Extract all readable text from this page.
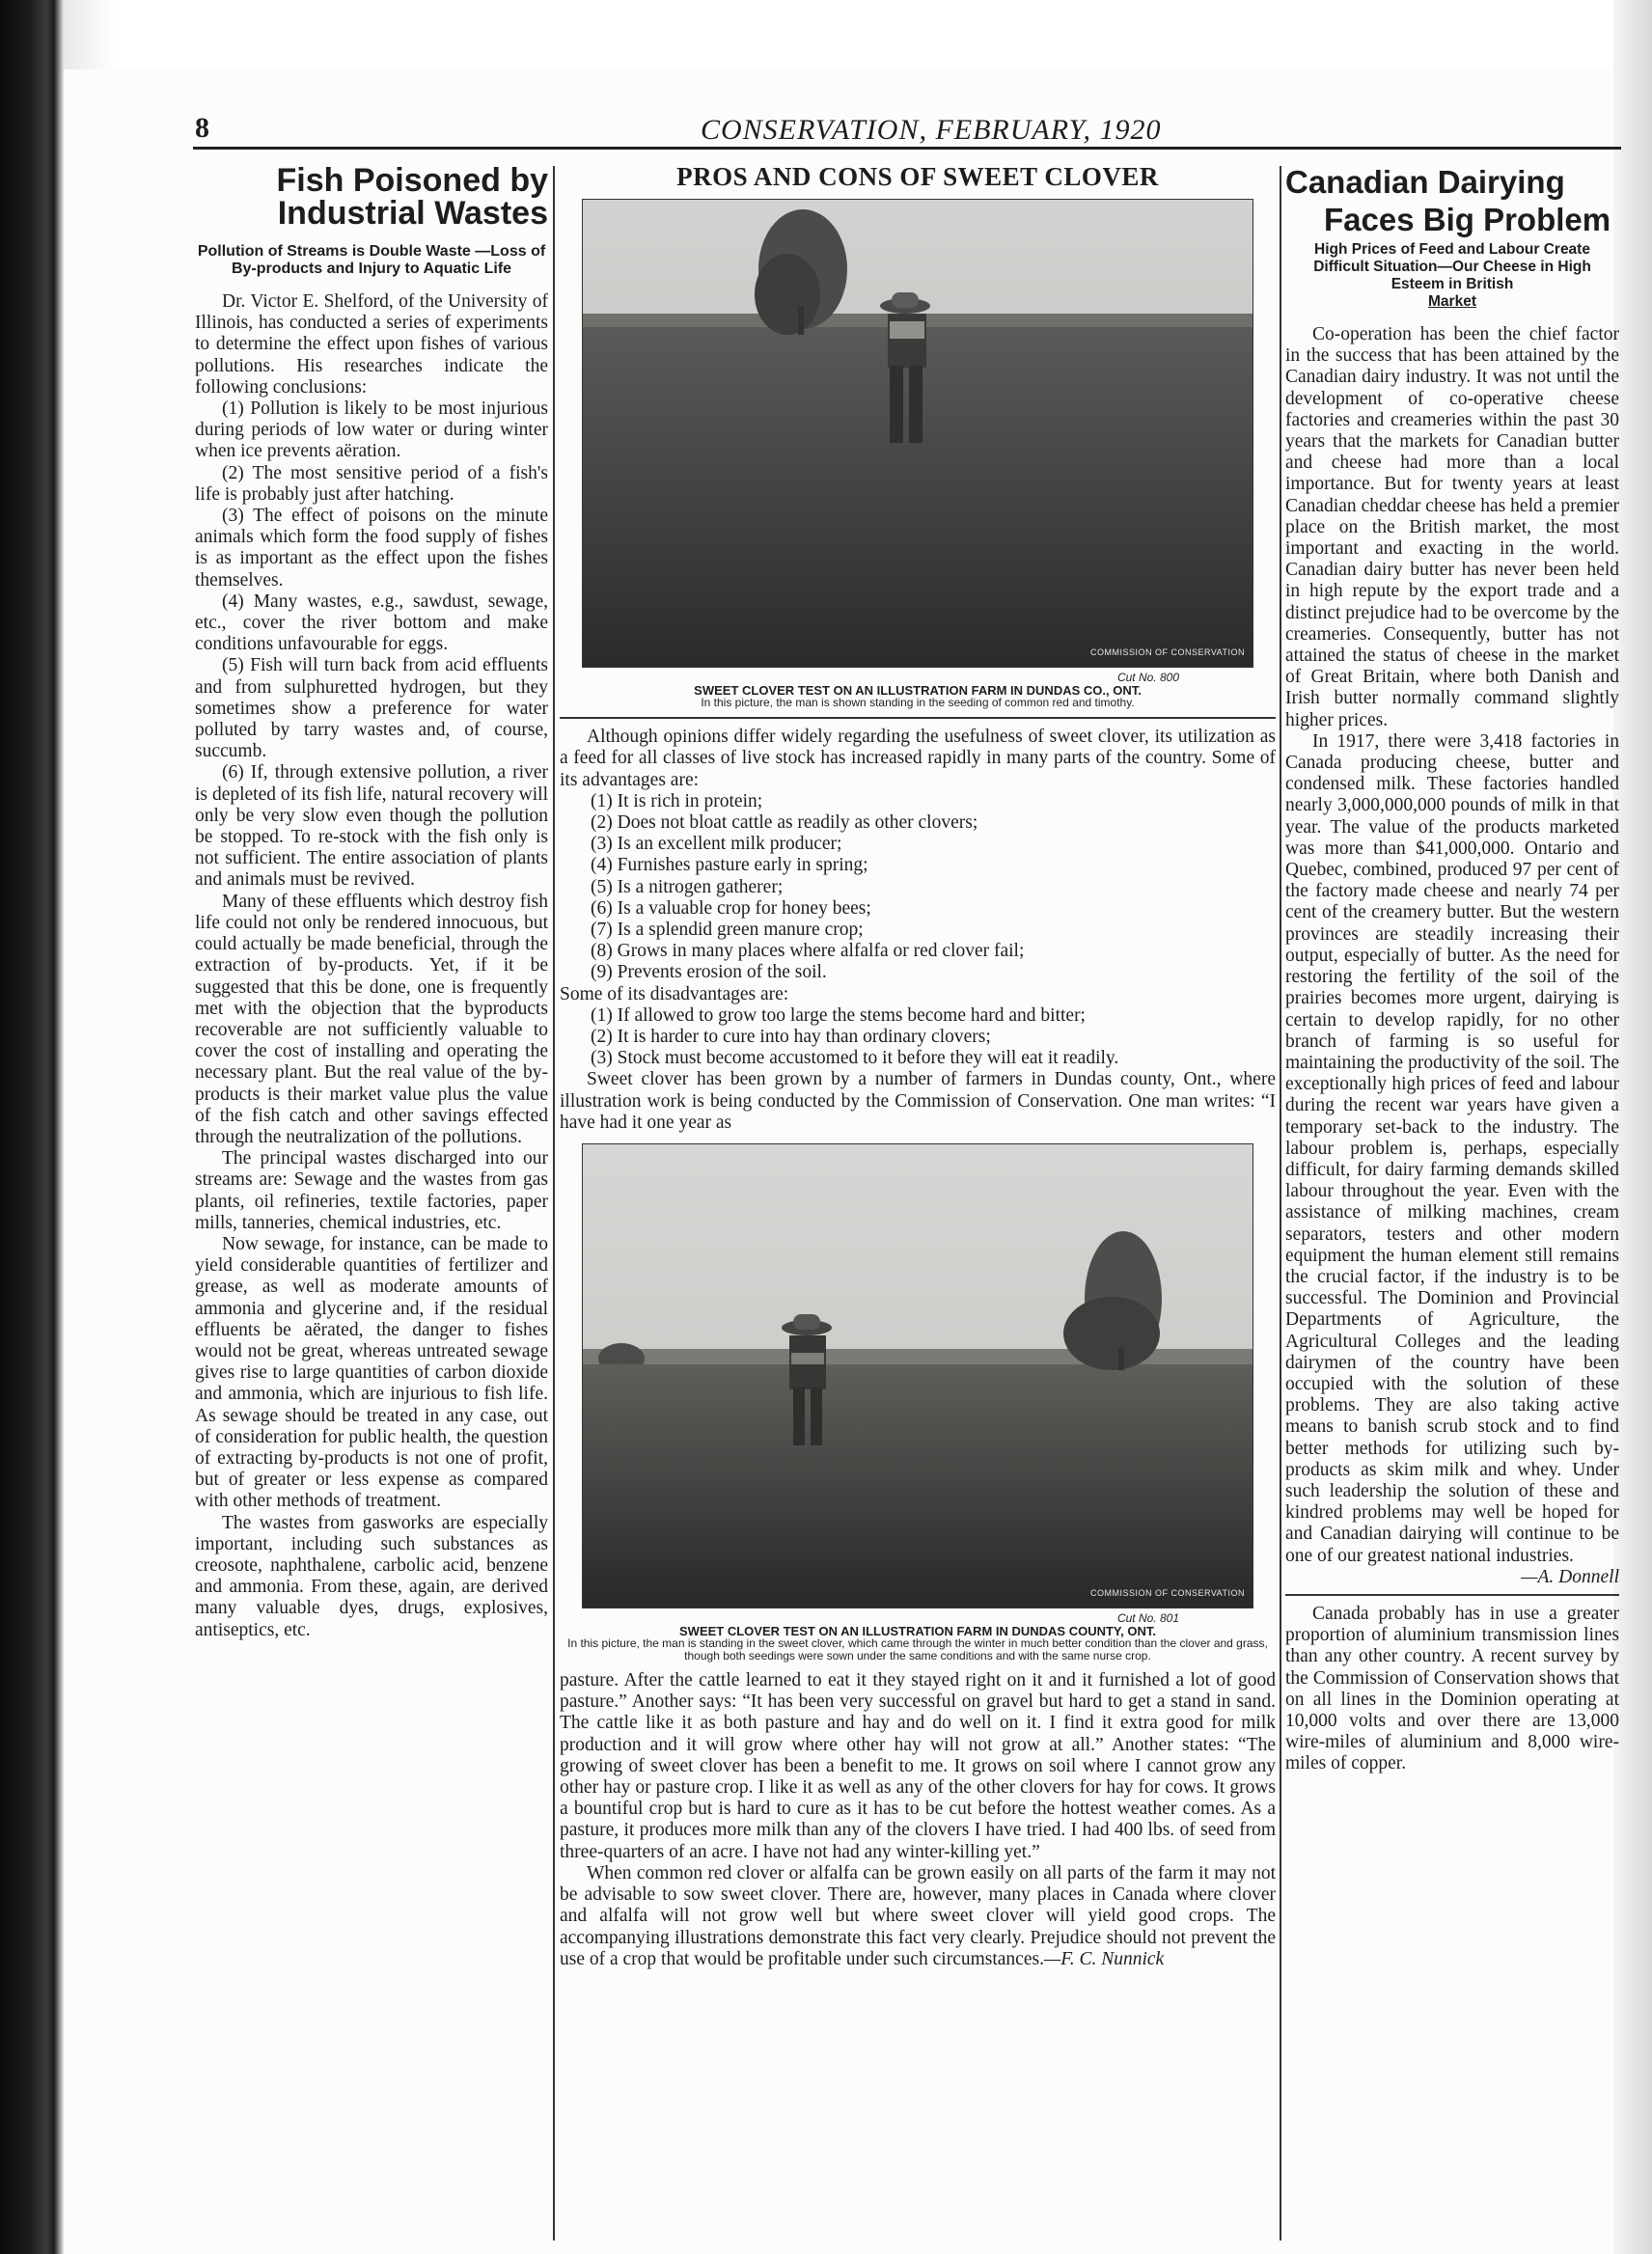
8	CONSERVATION, FEBRUARY, 1920
Fish Poisoned by Industrial Wastes
Pollution of Streams is Double Waste —Loss of By-products and Injury to Aquatic Life

Dr. Victor E. Shelford, of the University of Illinois, has conducted a series of experiments to determine the effect upon fishes of various pollutions. His researches indicate the following conclusions:

(1) Pollution is likely to be most injurious during periods of low water or during winter when ice prevents aëration.

(2) The most sensitive period of a fish's life is probably just after hatching.

(3) The effect of poisons on the minute animals which form the food supply of fishes is as important as the effect upon the fishes themselves.

(4) Many wastes, e.g., sawdust, sewage, etc., cover the river bottom and make conditions unfavourable for eggs.

(5) Fish will turn back from acid effluents and from sulphuretted hydrogen, but they sometimes show a preference for water polluted by tarry wastes and, of course, succumb.

(6) If, through extensive pollution, a river is depleted of its fish life, natural recovery will only be very slow even though the pollution be stopped. To re-stock with the fish only is not sufficient. The entire association of plants and animals must be revived.

Many of these effluents which destroy fish life could not only be rendered innocuous, but could actually be made beneficial, through the extraction of by-products. Yet, if it be suggested that this be done, one is frequently met with the objection that the byproducts recoverable are not sufficiently valuable to cover the cost of installing and operating the necessary plant. But the real value of the by-products is their market value plus the value of the fish catch and other savings effected through the neutralization of the pollutions.

The principal wastes discharged into our streams are: Sewage and the wastes from gas plants, oil refineries, textile factories, paper mills, tanneries, chemical industries, etc.

Now sewage, for instance, can be made to yield considerable quantities of fertilizer and grease, as well as moderate amounts of ammonia and glycerine and, if the residual effluents be aërated, the danger to fishes would not be great, whereas untreated sewage gives rise to large quantities of carbon dioxide and ammonia, which are injurious to fish life. As sewage should be treated in any case, out of consideration for public health, the question of extracting by-products is not one of profit, but of greater or less expense as compared with other methods of treatment.

The wastes from gasworks are especially important, including such substances as creosote, naphthalene, carbolic acid, benzene and ammonia. From these, again, are derived many valuable dyes, drugs, explosives, antiseptics, etc.

PROS AND CONS OF SWEET CLOVER
COMMISSION OF CONSERVATION
Cut No. 800
SWEET CLOVER TEST ON AN ILLUSTRATION FARM IN DUNDAS CO., ONT.
In this picture, the man is shown standing in the seeding of common red and timothy.

Although opinions differ widely regarding the usefulness of sweet clover, its utilization as a feed for all classes of live stock has increased rapidly in many parts of the country. Some of its advantages are:

(1) It is rich in protein;
(2) Does not bloat cattle as readily as other clovers;
(3) Is an excellent milk producer;
(4) Furnishes pasture early in spring;
(5) Is a nitrogen gatherer;
(6) Is a valuable crop for honey bees;
(7) Is a splendid green manure crop;
(8) Grows in many places where alfalfa or red clover fail;
(9) Prevents erosion of the soil.

Some of its disadvantages are:

(1) If allowed to grow too large the stems become hard and bitter;
(2) It is harder to cure into hay than ordinary clovers;
(3) Stock must become accustomed to it before they will eat it readily.

Sweet clover has been grown by a number of farmers in Dundas county, Ont., where illustration work is being conducted by the Commission of Conservation. One man writes: “I have had it one year as

COMMISSION OF CONSERVATION
Cut No. 801
SWEET CLOVER TEST ON AN ILLUSTRATION FARM IN DUNDAS COUNTY, ONT.
In this picture, the man is standing in the sweet clover, which came through the winter in much better condition than the clover and grass, though both seedings were sown under the same conditions and with the same nurse crop.

pasture. After the cattle learned to eat it they stayed right on it and it furnished a lot of good pasture.” Another says: “It has been very successful on gravel but hard to get a stand in sand. The cattle like it as both pasture and hay and do well on it. I find it extra good for milk production and it will grow where other hay will not grow at all.” Another states: “The growing of sweet clover has been a benefit to me. It grows on soil where I cannot grow any other hay or pasture crop. I like it as well as any of the other clovers for hay for cows. It grows a bountiful crop but is hard to cure as it has to be cut before the hottest weather comes. As a pasture, it produces more milk than any of the clovers I have tried. I had 400 lbs. of seed from three-quarters of an acre. I have not had any winter-killing yet.”

When common red clover or alfalfa can be grown easily on all parts of the farm it may not be advisable to sow sweet clover. There are, however, many places in Canada where clover and alfalfa will not grow well but where sweet clover will yield good crops. The accompanying illustrations demonstrate this fact very clearly. Prejudice should not prevent the use of a crop that would be profitable under such circumstances.—F. C. Nunnick

Canadian Dairying
Faces Big Problem
High Prices of Feed and Labour Create Difficult Situation—Our Cheese in High Esteem in British
Market

Co-operation has been the chief factor in the success that has been attained by the Canadian dairy industry. It was not until the development of co-operative cheese factories and creameries within the past 30 years that the markets for Canadian butter and cheese had more than a local importance. But for twenty years at least Canadian cheddar cheese has held a premier place on the British market, the most important and exacting in the world. Canadian dairy butter has never been held in high repute by the export trade and a distinct prejudice had to be overcome by the creameries. Consequently, butter has not attained the status of cheese in the market of Great Britain, where both Danish and Irish butter normally command slightly higher prices.

In 1917, there were 3,418 factories in Canada producing cheese, butter and condensed milk. These factories handled nearly 3,000,000,000 pounds of milk in that year. The value of the products marketed was more than $41,000,000. Ontario and Quebec, combined, produced 97 per cent of the factory made cheese and nearly 74 per cent of the creamery butter. But the western provinces are steadily increasing their output, especially of butter. As the need for restoring the fertility of the soil of the prairies becomes more urgent, dairying is certain to develop rapidly, for no other branch of farming is so useful for maintaining the productivity of the soil. The exceptionally high prices of feed and labour during the recent war years have given a temporary set-back to the industry. The labour problem is, perhaps, especially difficult, for dairy farming demands skilled labour throughout the year. Even with the assistance of milking machines, cream separators, testers and other modern equipment the human element still remains the crucial factor, if the industry is to be successful. The Dominion and Provincial Departments of Agriculture, the Agricultural Colleges and the leading dairymen of the country have been occupied with the solution of these problems. They are also taking active means to banish scrub stock and to find better methods for utilizing such by-products as skim milk and whey. Under such leadership the solution of these and kindred problems may well be hoped for and Canadian dairying will continue to be one of our greatest national industries.

—A. Donnell

Canada probably has in use a greater proportion of aluminium transmission lines than any other country. A recent survey by the Commission of Conservation shows that on all lines in the Dominion operating at 10,000 volts and over there are 13,000 wire-miles of aluminium and 8,000 wire-miles of copper.
